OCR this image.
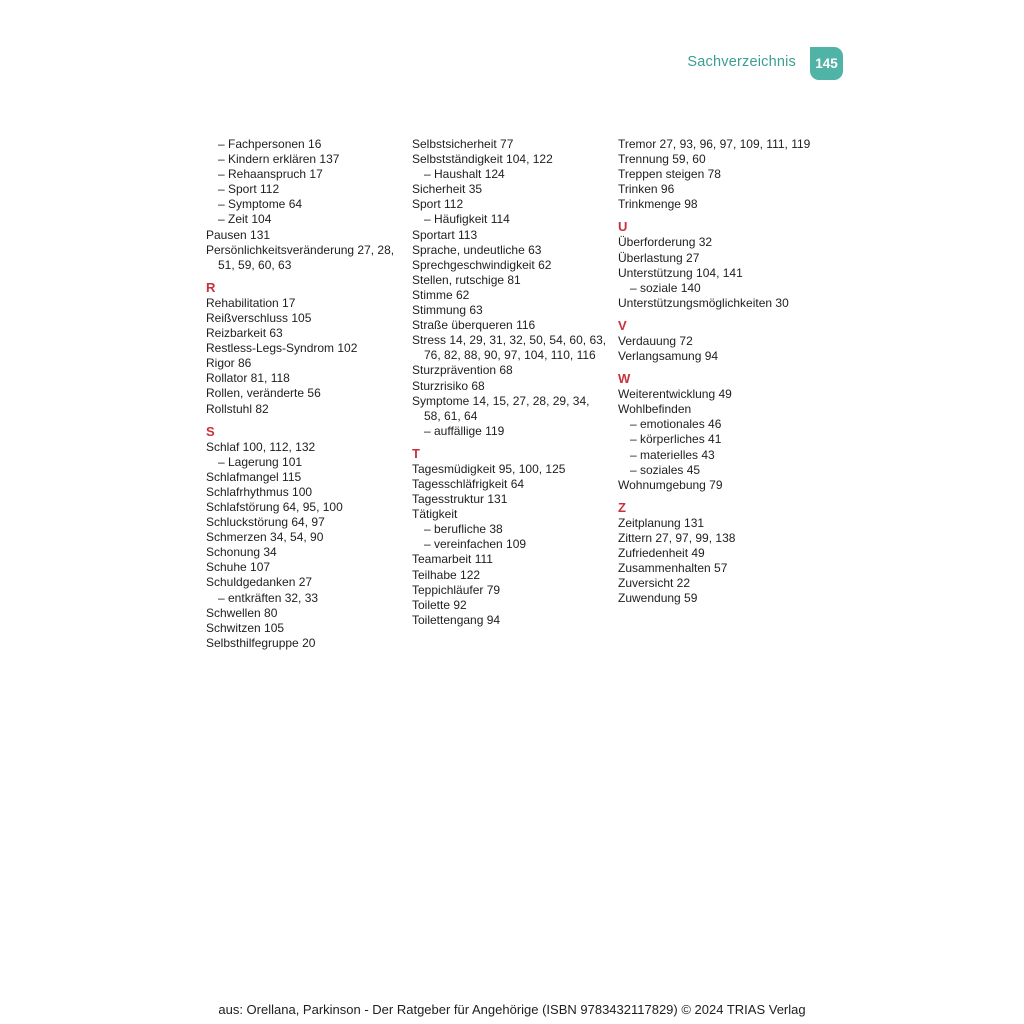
Sachverzeichnis	145
– Fachpersonen 16
– Kindern erklären 137
– Rehaanspruch 17
– Sport 112
– Symptome 64
– Zeit 104
Pausen 131
Persönlichkeitsveränderung 27, 28, 51, 59, 60, 63
R
Rehabilitation 17
Reißverschluss 105
Reizbarkeit 63
Restless-Legs-Syndrom 102
Rigor 86
Rollator 81, 118
Rollen, veränderte 56
Rollstuhl 82
S
Schlaf 100, 112, 132
– Lagerung 101
Schlafmangel 115
Schlafrhythmus 100
Schlafstörung 64, 95, 100
Schluckstörung 64, 97
Schmerzen 34, 54, 90
Schonung 34
Schuhe 107
Schuldgedanken 27
– entkräften 32, 33
Schwellen 80
Schwitzen 105
Selbsthilfegruppe 20
Selbstsicherheit 77
Selbstständigkeit 104, 122
– Haushalt 124
Sicherheit 35
Sport 112
– Häufigkeit 114
Sportart 113
Sprache, undeutliche 63
Sprechgeschwindigkeit 62
Stellen, rutschige 81
Stimme 62
Stimmung 63
Straße überqueren 116
Stress 14, 29, 31, 32, 50, 54, 60, 63, 76, 82, 88, 90, 97, 104, 110, 116
Sturzprävention 68
Sturzrisiko 68
Symptome 14, 15, 27, 28, 29, 34, 58, 61, 64
– auffällige 119
T
Tagesmüdigkeit 95, 100, 125
Tagesschläfrigkeit 64
Tagesstruktur 131
Tätigkeit
– berufliche 38
– vereinfachen 109
Teamarbeit 111
Teilhabe 122
Teppichläufer 79
Toilette 92
Toilettengang 94
Tremor 27, 93, 96, 97, 109, 111, 119
Trennung 59, 60
Treppen steigen 78
Trinken 96
Trinkmenge 98
U
Überforderung 32
Überlastung 27
Unterstützung 104, 141
– soziale 140
Unterstützungsmöglichkeiten 30
V
Verdauung 72
Verlangsamung 94
W
Weiterentwicklung 49
Wohlbefinden
– emotionales 46
– körperliches 41
– materielles 43
– soziales 45
Wohnumgebung 79
Z
Zeitplanung 131
Zittern 27, 97, 99, 138
Zufriedenheit 49
Zusammenhalten 57
Zuversicht 22
Zuwendung 59
aus: Orellana, Parkinson - Der Ratgeber für Angehörige (ISBN 9783432117829) © 2024 TRIAS Verlag
